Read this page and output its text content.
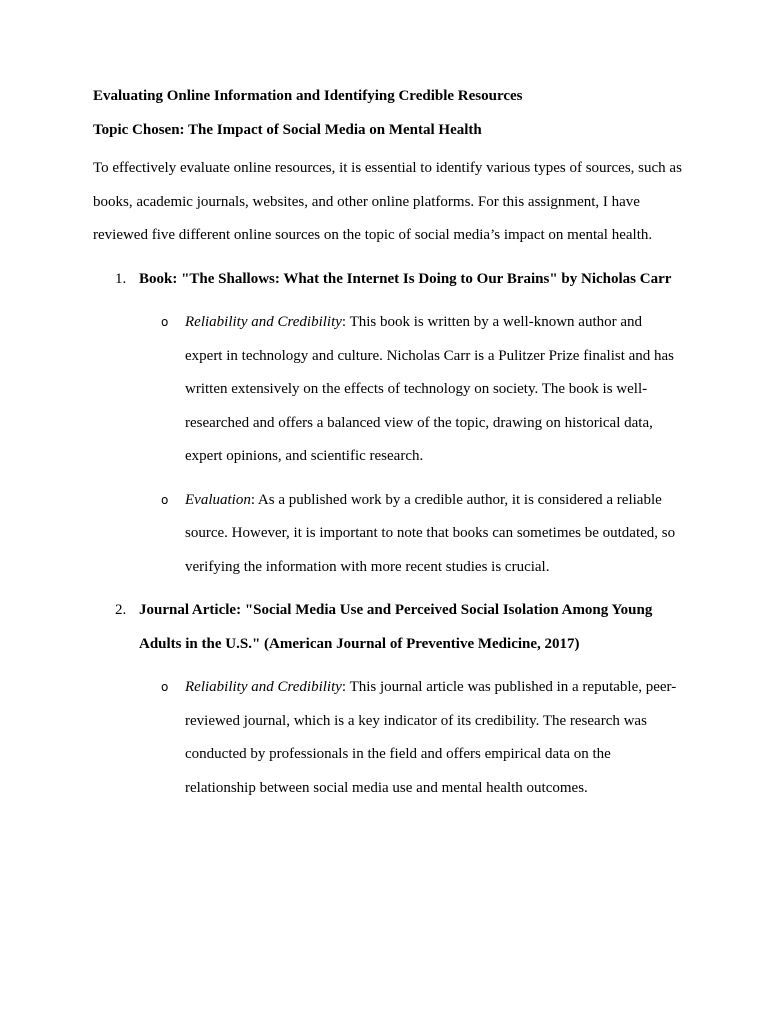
Evaluating Online Information and Identifying Credible Resources

Topic Chosen: The Impact of Social Media on Mental Health

To effectively evaluate online resources, it is essential to identify various types of sources, such as books, academic journals, websites, and other online platforms. For this assignment, I have reviewed five different online sources on the topic of social media’s impact on mental health.

1. Book: "The Shallows: What the Internet Is Doing to Our Brains" by Nicholas Carr
o Reliability and Credibility: This book is written by a well-known author and expert in technology and culture. Nicholas Carr is a Pulitzer Prize finalist and has written extensively on the effects of technology on society. The book is well-researched and offers a balanced view of the topic, drawing on historical data, expert opinions, and scientific research.
o Evaluation: As a published work by a credible author, it is considered a reliable source. However, it is important to note that books can sometimes be outdated, so verifying the information with more recent studies is crucial.
2. Journal Article: "Social Media Use and Perceived Social Isolation Among Young Adults in the U.S." (American Journal of Preventive Medicine, 2017)
o Reliability and Credibility: This journal article was published in a reputable, peer-reviewed journal, which is a key indicator of its credibility. The research was conducted by professionals in the field and offers empirical data on the relationship between social media use and mental health outcomes.
